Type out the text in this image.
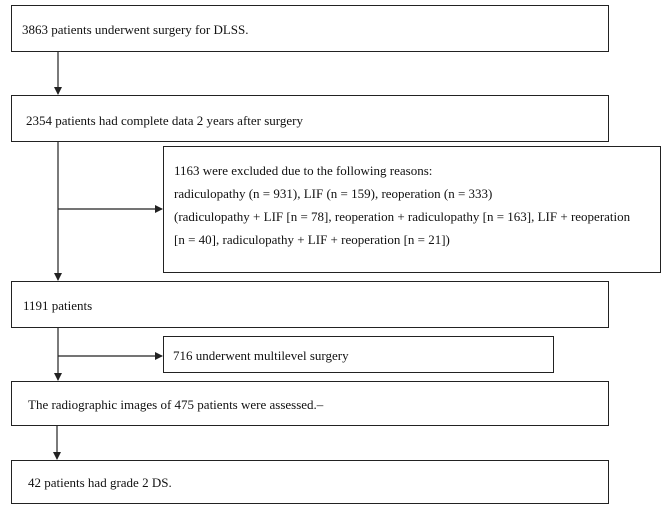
3863 patients underwent surgery for DLSS.
2354 patients had complete data 2 years after surgery
1163 were excluded due to the following reasons:
radiculopathy (n = 931), LIF (n = 159), reoperation (n = 333)
(radiculopathy + LIF [n = 78], reoperation + radiculopathy [n = 163], LIF + reoperation
[n = 40], radiculopathy + LIF + reoperation [n = 21])
1191 patients
716 underwent multilevel surgery
The radiographic images of 475 patients were assessed.–
42 patients had grade 2 DS.
